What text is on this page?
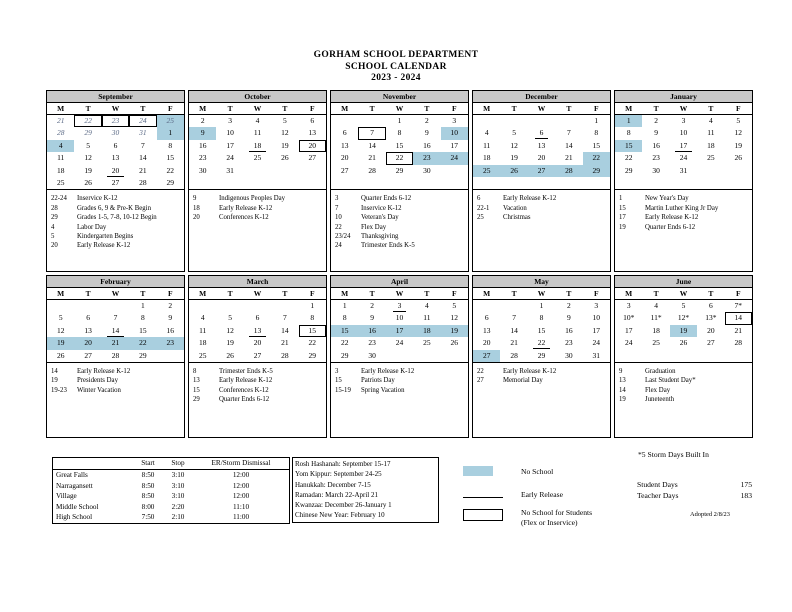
GORHAM SCHOOL DEPARTMENT
SCHOOL CALENDAR
2023 - 2024
September
M	T	W	T	F
21	22	23	24	25
28	29	30	31	1
4	5	6	7	8
11	12	13	14	15
18	19	20	21	22
25	26	27	28	29
22-24	Inservice K-12
28	Grades 6, 9 & Pre-K Begin
29	Grades 1-5, 7-8, 10-12 Begin
4	Labor Day
5	Kindergarten Begins
20	Early Release K-12
October
M	T	W	T	F
2	3	4	5	6
9	10	11	12	13
16	17	18	19	20
23	24	25	26	27
30	31			

9	Indigenous Peoples Day
18	Early Release K-12
20	Conferences K-12
November
M	T	W	T	F
		1	2	3
6	7	8	9	10
13	14	15	16	17
20	21	22	23	24
27	28	29	30	

3	Quarter Ends 6-12
7	Inservice K-12
10	Veteran's Day
22	Flex Day
23/24	Thanksgiving
24	Trimester Ends K-5
December
M	T	W	T	F
				1
4	5	6	7	8
11	12	13	14	15
18	19	20	21	22
25	26	27	28	29

6	Early Release K-12
22-1	Vacation
25	Christmas
January
M	T	W	T	F
1	2	3	4	5
8	9	10	11	12
15	16	17	18	19
22	23	24	25	26
29	30	31		

1	New Year's Day
15	Martin Luther King Jr Day
17	Early Release K-12
19	Quarter Ends 6-12
February
M	T	W	T	F
			1	2
5	6	7	8	9
12	13	14	15	16
19	20	21	22	23
26	27	28	29	
14	Early Release K-12
19	Presidents Day
19-23	Winter Vacation
March
M	T	W	T	F
				1
4	5	6	7	8
11	12	13	14	15
18	19	20	21	22
25	26	27	28	29
8	Trimester Ends K-5
13	Early Release K-12
15	Conferences K-12
29	Quarter Ends 6-12
April
M	T	W	T	F
1	2	3	4	5
8	9	10	11	12
15	16	17	18	19
22	23	24	25	26
29	30			
3	Early Release K-12
15	Patriots Day
15-19	Spring Vacation
May
M	T	W	T	F
		1	2	3
6	7	8	9	10
13	14	15	16	17
20	21	22	23	24
27	28	29	30	31
22	Early Release K-12
27	Memorial Day
June
M	T	W	T	F
3	4	5	6	7*
10*	11*	12*	13*	14
17	18	19	20	21
24	25	26	27	28

9	Graduation
13	Last Student Day*
14	Flex Day
19	Juneteenth
	Start	Stop	ER/Storm Dismissal
Great Falls	8:50	3:10	12:00
Narragansett	8:50	3:10	12:00
Village	8:50	3:10	12:00
Middle School	8:00	2:20	11:10
High School	7:50	2:10	11:00
Rosh Hashanah: September 15-17
Yom Kippur: September 24-25
Hanukkah: December 7-15
Ramadan: March 22-April 21
Kwanzaa: December 26-January 1
Chinese New Year: February 10
No School
Early Release
No School for Students
(Flex or Inservice)
*5 Storm Days Built In
Student Days	175
Teacher Days	183
Adopted 2/8/23
